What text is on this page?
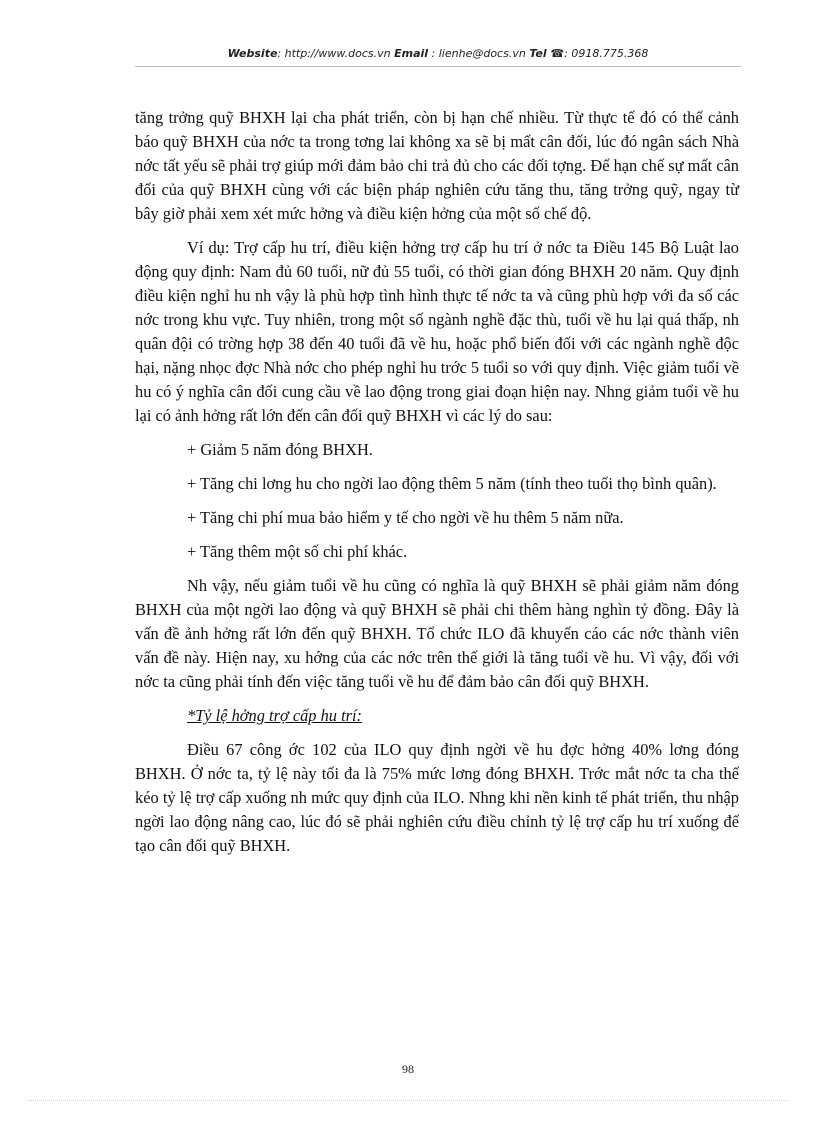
Website: http://www.docs.vn Email : lienhe@docs.vn Tel ☎: 0918.775.368

tăng trởng quỹ BHXH lại cha phát triển, còn bị hạn chế nhiều. Từ thực tế đó có thể cảnh báo quỹ BHXH của nớc ta trong tơng lai không xa sẽ bị mất cân đối, lúc đó ngân sách Nhà nớc tất yếu sẽ phải trợ giúp mới đảm bảo chi trả đủ cho các đối tợng. Để hạn chế sự mất cân đối của quỹ BHXH cùng với các biện pháp nghiên cứu tăng thu, tăng trởng quỹ, ngay từ bây giờ phải xem xét mức hởng và điều kiện hởng của một số chế độ.

Ví dụ: Trợ cấp hu trí, điều kiện hởng trợ cấp hu trí ở nớc ta Điều 145 Bộ Luật lao động quy định: Nam đủ 60 tuổi, nữ đủ 55 tuổi, có thời gian đóng BHXH 20 năm. Quy định điều kiện nghỉ hu nh vậy là phù hợp tình hình thực tế nớc ta và cũng phù hợp với đa số các nớc trong khu vực. Tuy nhiên, trong một số ngành nghề đặc thù, tuổi về hu lại quá thấp, nh quân đội có trờng hợp 38 đến 40 tuổi đã về hu, hoặc phổ biến đối với các ngành nghề độc hại, nặng nhọc đợc Nhà nớc cho phép nghỉ hu trớc 5 tuổi so với quy định. Việc giảm tuổi về hu có ý nghĩa cân đối cung cầu về lao động trong giai đoạn hiện nay. Nhng giảm tuổi về hu lại có ảnh hởng rất lớn đến cân đối quỹ BHXH vì các lý do sau:

+ Giảm 5 năm đóng BHXH.

+ Tăng chi lơng hu cho ngời lao động thêm 5 năm (tính theo tuổi thọ bình quân).

+ Tăng chi phí mua bảo hiểm y tế cho ngời về hu thêm 5 năm nữa.

+ Tăng thêm một số chi phí khác.

Nh vậy, nếu giảm tuổi về hu cũng có nghĩa là quỹ BHXH sẽ phải giảm năm đóng BHXH của một ngời lao động và quỹ BHXH sẽ phải chi thêm hàng nghìn tỷ đồng. Đây là vấn đề ảnh hởng rất lớn đến quỹ BHXH. Tổ chức ILO đã khuyến cáo các nớc thành viên vấn đề này. Hiện nay, xu hớng của các nớc trên thế giới là tăng tuổi về hu. Vì vậy, đối với nớc ta cũng phải tính đến việc tăng tuổi về hu để đảm bảo cân đối quỹ BHXH.

*Tỷ lệ hởng trợ cấp hu trí:

Điều 67 công ớc 102 của ILO quy định ngời về hu đợc hởng 40% lơng đóng BHXH. Ở nớc ta, tỷ lệ này tối đa là 75% mức lơng đóng BHXH. Trớc mắt nớc ta cha thể kéo tỷ lệ trợ cấp xuống nh mức quy định của ILO. Nhng khi nền kinh tế phát triển, thu nhập ngời lao động nâng cao, lúc đó sẽ phải nghiên cứu điều chỉnh tỷ lệ trợ cấp hu trí xuống để tạo cân đối quỹ BHXH.

98
